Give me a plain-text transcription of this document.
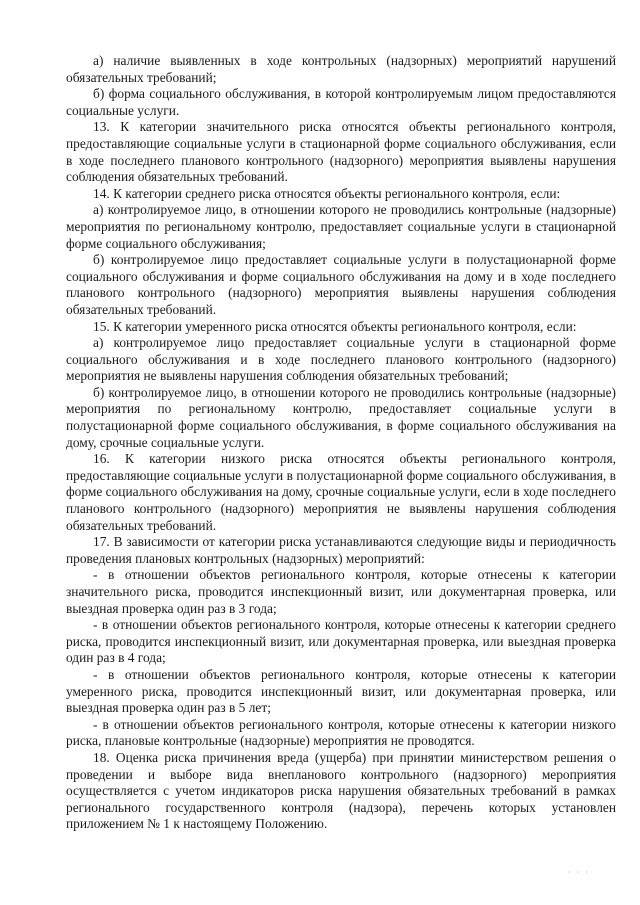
а) наличие выявленных в ходе контрольных (надзорных) мероприятий нарушений обязательных требований;

б) форма социального обслуживания, в которой контролируемым лицом предоставляются социальные услуги.

13. К категории значительного риска относятся объекты регионального контроля, предоставляющие социальные услуги в стационарной форме социального обслуживания, если в ходе последнего планового контрольного (надзорного) мероприятия выявлены нарушения соблюдения обязательных требований.

14. К категории среднего риска относятся объекты регионального контроля, если:

а) контролируемое лицо, в отношении которого не проводились контрольные (надзорные) мероприятия по региональному контролю, предоставляет социальные услуги в стационарной форме социального обслуживания;

б) контролируемое лицо предоставляет социальные услуги в полустационарной форме социального обслуживания и форме социального обслуживания на дому и в ходе последнего планового контрольного (надзорного) мероприятия выявлены нарушения соблюдения обязательных требований.

15. К категории умеренного риска относятся объекты регионального контроля, если:

а) контролируемое лицо предоставляет социальные услуги в стационарной форме социального обслуживания и в ходе последнего планового контрольного (надзорного) мероприятия не выявлены нарушения соблюдения обязательных требований;

б) контролируемое лицо, в отношении которого не проводились контрольные (надзорные) мероприятия по региональному контролю, предоставляет социальные услуги в полустационарной форме социального обслуживания, в форме социального обслуживания на дому, срочные социальные услуги.

16. К категории низкого риска относятся объекты регионального контроля, предоставляющие социальные услуги в полустационарной форме социального обслуживания, в форме социального обслуживания на дому, срочные социальные услуги, если в ходе последнего планового контрольного (надзорного) мероприятия не выявлены нарушения соблюдения обязательных требований.

17. В зависимости от категории риска устанавливаются следующие виды и периодичность проведения плановых контрольных (надзорных) мероприятий:

- в отношении объектов регионального контроля, которые отнесены к категории значительного риска, проводится инспекционный визит, или документарная проверка, или выездная проверка один раз в 3 года;

- в отношении объектов регионального контроля, которые отнесены к категории среднего риска, проводится инспекционный визит, или документарная проверка, или выездная проверка один раз в 4 года;

- в отношении объектов регионального контроля, которые отнесены к категории умеренного риска, проводится инспекционный визит, или документарная проверка, или выездная проверка один раз в 5 лет;

- в отношении объектов регионального контроля, которые отнесены к категории низкого риска, плановые контрольные (надзорные) мероприятия не проводятся.

18. Оценка риска причинения вреда (ущерба) при принятии министерством решения о проведении и выборе вида внепланового контрольного (надзорного) мероприятия осуществляется с учетом индикаторов риска нарушения обязательных требований в рамках регионального государственного контроля (надзора), перечень которых установлен приложением № 1 к настоящему Положению.

· · ·
